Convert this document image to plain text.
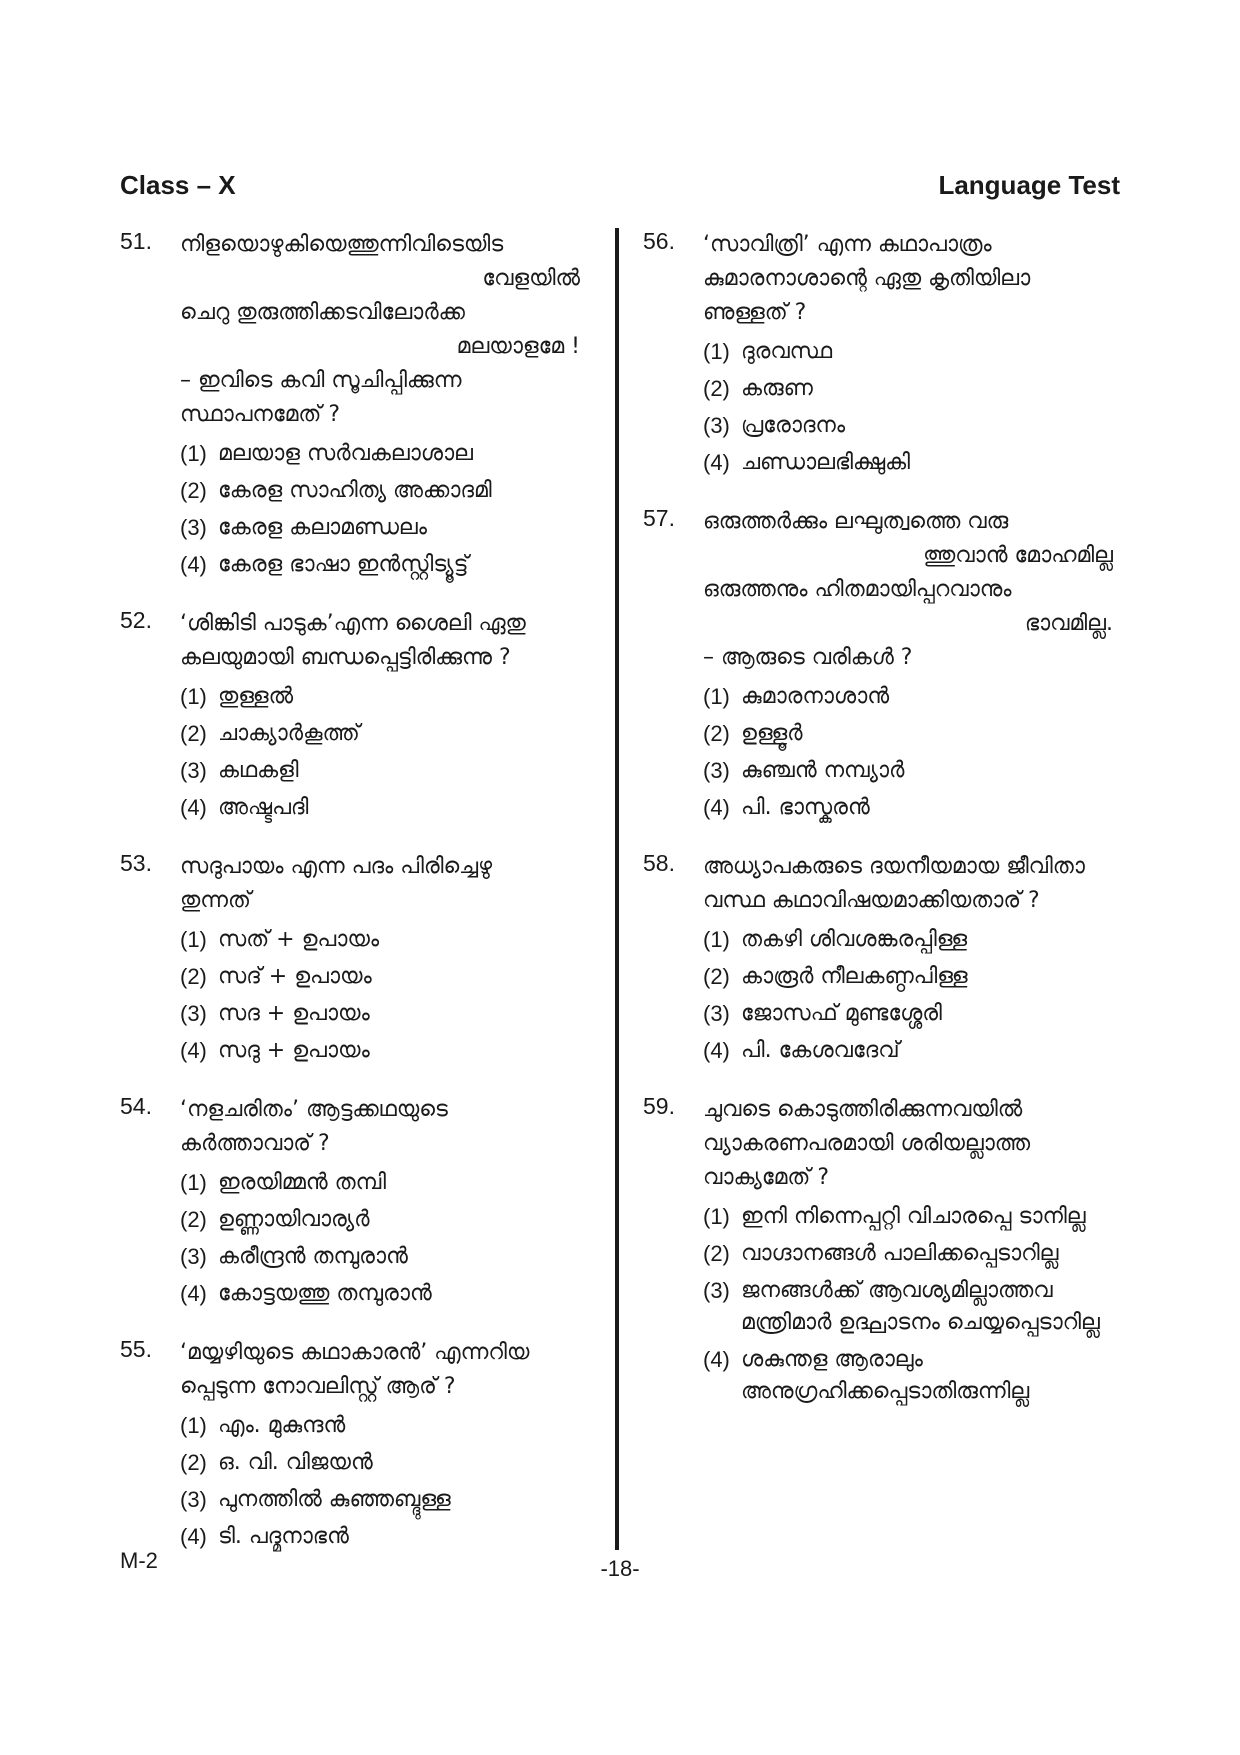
Class – X	Language Test
51. നിളയൊഴുകിയെത്തുന്നിവിടെയിട
വേളയിൽ
ചെറു തുരുത്തിക്കടവിലോർക്ക
മലയാളമേ !
– ഇവിടെ കവി സൂചിപ്പിക്കുന്ന
സ്ഥാപനമേത് ?
(1) മലയാള സർവകലാശാല
(2) കേരള സാഹിത്യ അക്കാദമി
(3) കേരള കലാമണ്ഡലം
(4) കേരള ഭാഷാ ഇൻസ്റ്റിട്യൂട്ട്
52. ‘ശിങ്കിടി പാടുക’എന്ന ശൈലി ഏതു
കലയുമായി ബന്ധപ്പെട്ടിരിക്കുന്നു ?
(1) തുള്ളൽ
(2) ചാക്യാർകൂത്ത്
(3) കഥകളി
(4) അഷ്ടപദി
53. സദുപായം എന്ന പദം പിരിച്ചെഴു
തുന്നത്
(1) സത് + ഉപായം
(2) സദ് + ഉപായം
(3) സദ + ഉപായം
(4) സദു + ഉപായം
54. ‘നളചരിതം’ ആട്ടക്കഥയുടെ
കർത്താവാര് ?
(1) ഇരയിമ്മൻ തമ്പി
(2) ഉണ്ണായിവാര്യർ
(3) കരീന്ദ്രൻ തമ്പുരാൻ
(4) കോട്ടയത്തു തമ്പുരാൻ
55. ‘മയ്യഴിയുടെ കഥാകാരൻ’ എന്നറിയ
പ്പെടുന്ന നോവലിസ്റ്റ് ആര് ?
(1) എം. മുകുന്ദൻ
(2) ഒ. വി. വിജയൻ
(3) പുനത്തിൽ കുഞ്ഞബ്ദുള്ള
(4) ടി. പദ്മനാഭൻ
56. ‘സാവിത്രി’ എന്ന കഥാപാത്രം
കുമാരനാശാന്റെ ഏതു കൃതിയിലാ
ണുള്ളത് ?
(1) ദുരവസ്ഥ
(2) കരുണ
(3) പ്രരോദനം
(4) ചണ്ഡാലഭിക്ഷുകി
57. ഒരുത്തർക്കും ലഘുത്വത്തെ വരു
ത്തുവാൻ മോഹമില്ല
ഒരുത്തനും ഹിതമായിപ്പറവാനും
ഭാവമില്ല.
– ആരുടെ വരികൾ ?
(1) കുമാരനാശാൻ
(2) ഉള്ളൂർ
(3) കുഞ്ചൻ നമ്പ്യാർ
(4) പി. ഭാസ്കരൻ
58. അധ്യാപകരുടെ ദയനീയമായ ജീവിതാ
വസ്ഥ കഥാവിഷയമാക്കിയതാര് ?
(1) തകഴി ശിവശങ്കരപ്പിള്ള
(2) കാരൂർ നീലകണ്ഠപിള്ള
(3) ജോസഫ് മുണ്ടശ്ശേരി
(4) പി. കേശവദേവ്
59. ചുവടെ കൊടുത്തിരിക്കുന്നവയിൽ
വ്യാകരണപരമായി ശരിയല്ലാത്ത
വാക്യമേത് ?
(1) ഇനി നിന്നെപ്പറ്റി വിചാരപ്പെ ടാനില്ല
(2) വാഗ്ദാനങ്ങൾ പാലിക്കപ്പെടാറില്ല
(3) ജനങ്ങൾക്ക് ആവശ്യമില്ലാത്തവ മന്ത്രിമാർ ഉദ്ഘാടനം ചെയ്യപ്പെടാറില്ല
(4) ശകുന്തള ആരാലും അനുഗ്രഹിക്കപ്പെടാതിരുന്നില്ല
M-2	-18-
